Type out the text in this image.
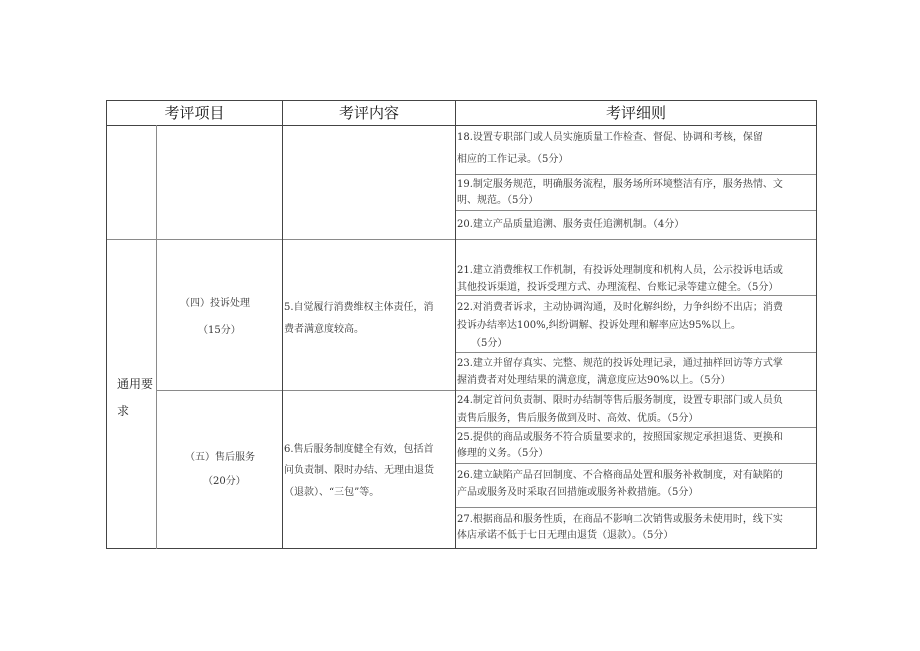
考评项目	考评内容	考评细则
通用要
求
18.设置专职部门或人员实施质量工作检查、督促、协调和考核，保留
相应的工作记录。（5分）
19.制定服务规范，明确服务流程，服务场所环境整洁有序，服务热情、文
明、规范。（5分）
20.建立产品质量追溯、服务责任追溯机制。（4分）
（四）投诉处理
（15分）
5.自觉履行消费维权主体责任，消
费者满意度较高。
21.建立消费维权工作机制，有投诉处理制度和机构人员，公示投诉电话或
其他投诉渠道，投诉受理方式、办理流程、台账记录等建立健全。（5分）
22.对消费者诉求，主动协调沟通，及时化解纠纷，力争纠纷不出店；消费
投诉办结率达100%,纠纷调解、投诉处理和解率应达95%以上。
（5分）
23.建立并留存真实、完整、规范的投诉处理记录，通过抽样回访等方式掌
握消费者对处理结果的满意度，满意度应达90%以上。（5分）
（五）售后服务
（20分）
6.售后服务制度健全有效，包括首
问负责制、限时办结、无理由退货
（退款）、“三包”等。
24.制定首问负责制、限时办结制等售后服务制度，设置专职部门或人员负
责售后服务，售后服务做到及时、高效、优质。（5分）
25.提供的商品或服务不符合质量要求的，按照国家规定承担退货、更换和
修理的义务。（5分）
26.建立缺陷产品召回制度、不合格商品处置和服务补救制度，对有缺陷的
产品或服务及时采取召回措施或服务补救措施。（5分）
27.根据商品和服务性质，在商品不影响二次销售或服务未使用时，线下实
体店承诺不低于七日无理由退货（退款）。（5分）
